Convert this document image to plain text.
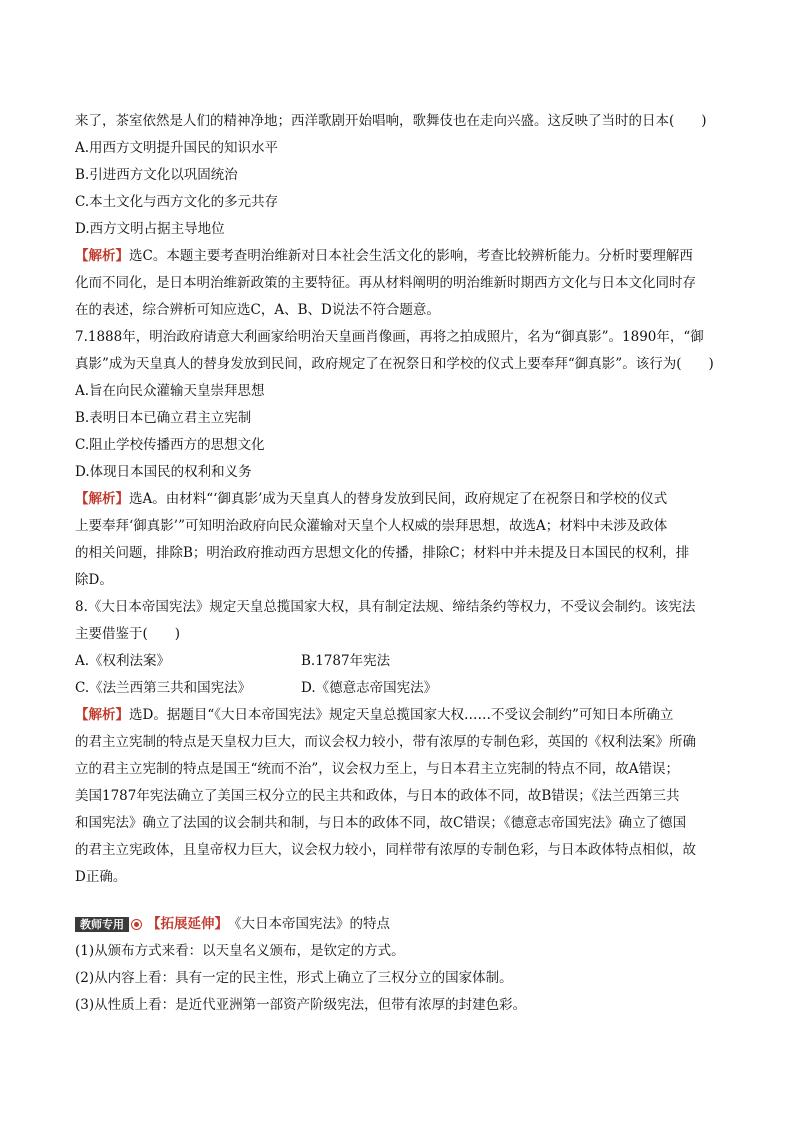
来了，茶室依然是人们的精神净地；西洋歌剧开始唱响，歌舞伎也在走向兴盛。这反映了当时的日本(　　)
A.用西方文明提升国民的知识水平
B.引进西方文化以巩固统治
C.本土文化与西方文化的多元共存
D.西方文明占据主导地位
【解析】选C。本题主要考查明治维新对日本社会生活文化的影响，考查比较辨析能力。分析时要理解西
化而不同化，是日本明治维新政策的主要特征。再从材料阐明的明治维新时期西方文化与日本文化同时存
在的表述，综合辨析可知应选C，A、B、D说法不符合题意。
7.1888年，明治政府请意大利画家给明治天皇画肖像画，再将之拍成照片，名为“御真影”。1890年，“御
真影”成为天皇真人的替身发放到民间，政府规定了在祝祭日和学校的仪式上要奉拜“御真影”。该行为(　　)
A.旨在向民众灌输天皇崇拜思想
B.表明日本已确立君主立宪制
C.阻止学校传播西方的思想文化
D.体现日本国民的权利和义务
【解析】选A。由材料“‘御真影’成为天皇真人的替身发放到民间，政府规定了在祝祭日和学校的仪式
上要奉拜‘御真影’”可知明治政府向民众灌输对天皇个人权威的崇拜思想，故选A；材料中未涉及政体
的相关问题，排除B；明治政府推动西方思想文化的传播，排除C；材料中并未提及日本国民的权利，排
除D。
8.《大日本帝国宪法》规定天皇总揽国家大权，具有制定法规、缔结条约等权力，不受议会制约。该宪法
主要借鉴于(　　)
A.《权利法案》	B.1787年宪法
C.《法兰西第三共和国宪法》	D.《德意志帝国宪法》
【解析】选D。据题目“《大日本帝国宪法》规定天皇总揽国家大权……不受议会制约”可知日本所确立
的君主立宪制的特点是天皇权力巨大，而议会权力较小，带有浓厚的专制色彩，英国的《权利法案》所确
立的君主立宪制的特点是国王“统而不治”，议会权力至上，与日本君主立宪制的特点不同，故A错误；
美国1787年宪法确立了美国三权分立的民主共和政体，与日本的政体不同，故B错误；《法兰西第三共
和国宪法》确立了法国的议会制共和制，与日本的政体不同，故C错误；《德意志帝国宪法》确立了德国
的君主立宪政体，且皇帝权力巨大，议会权力较小，同样带有浓厚的专制色彩，与日本政体特点相似，故
D正确。
教师专用	【拓展延伸】 《大日本帝国宪法》的特点
(1)从颁布方式来看：以天皇名义颁布，是钦定的方式。
(2)从内容上看：具有一定的民主性，形式上确立了三权分立的国家体制。
(3)从性质上看：是近代亚洲第一部资产阶级宪法，但带有浓厚的封建色彩。
